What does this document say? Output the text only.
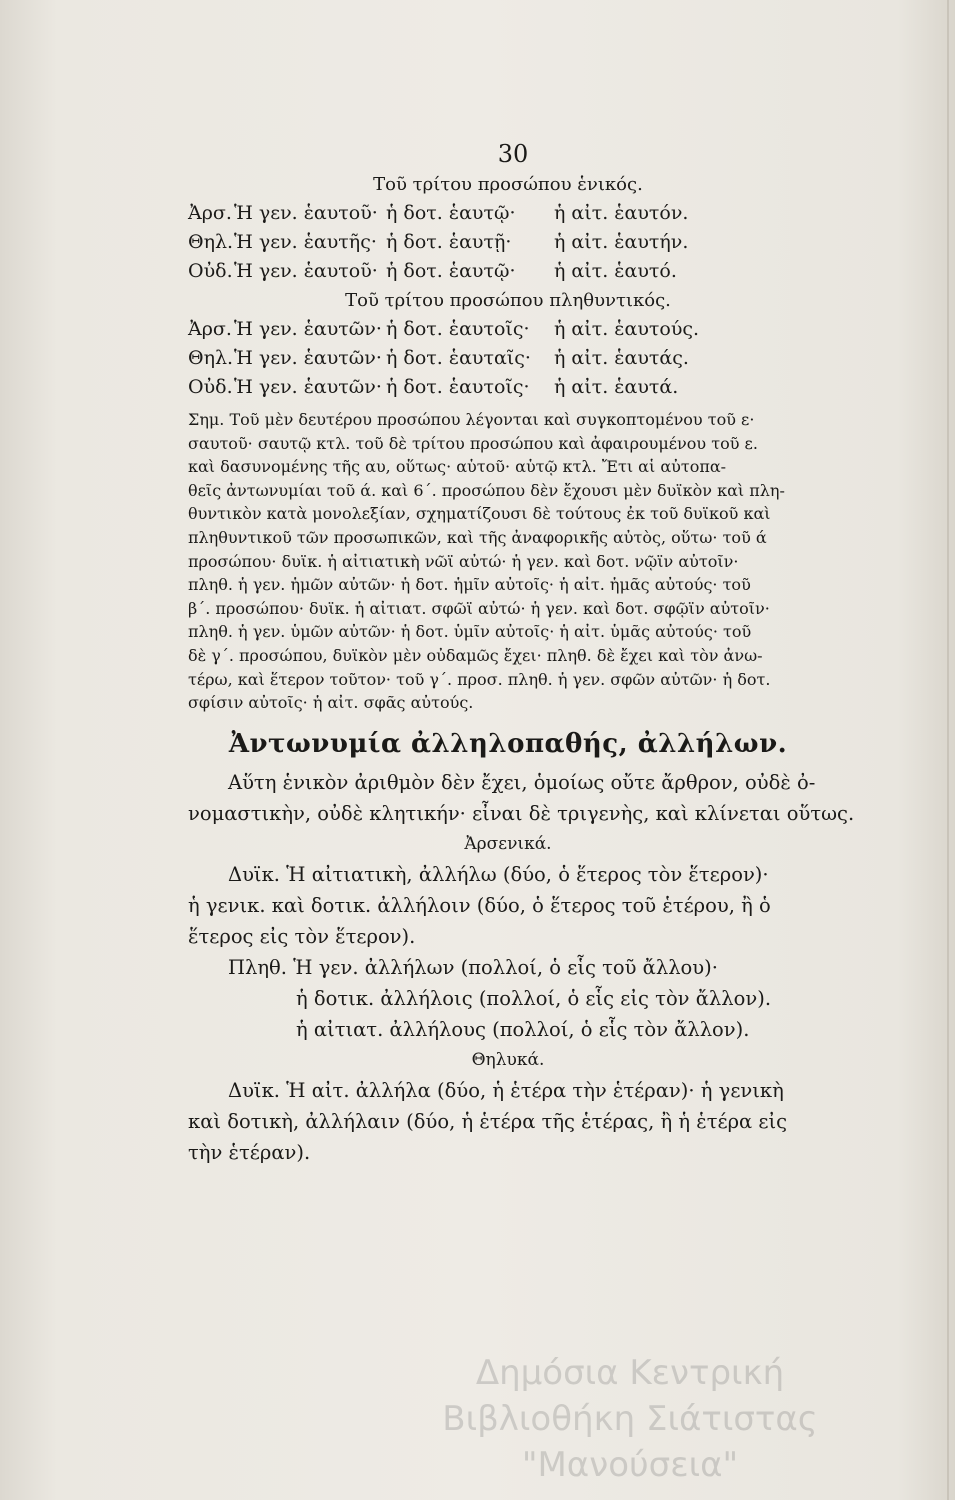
30
Τοῦ τρίτου προσώπου ἑνικός.
Ἀρσ. Ἡ γεν. ἑαυτοῦ· ἡ δοτ. ἑαυτῷ· ἡ αἰτ. ἑαυτόν.
Θηλ.Ἡ γεν. ἑαυτῆς· ἡ δοτ. ἑαυτῇ· ἡ αἰτ. ἑαυτήν.
Οὐδ.Ἡ γεν. ἑαυτοῦ· ἡ δοτ. ἑαυτῷ· ἡ αἰτ. ἑαυτό.
Τοῦ τρίτου προσώπου πληθυντικός.
Ἀρσ. Ἡ γεν. ἑαυτῶν· ἡ δοτ. ἑαυτοῖς· ἡ αἰτ. ἑαυτούς.
Θηλ.Ἡ γεν. ἑαυτῶν· ἡ δοτ. ἑαυταῖς· ἡ αἰτ. ἑαυτάς.
Οὐδ.Ἡ γεν. ἑαυτῶν· ἡ δοτ. ἑαυτοῖς· ἡ αἰτ. ἑαυτά.
Σημ. Τοῦ μὲν δευτέρου προσώπου λέγονται καὶ συγκοπτομένου τοῦ ε·
σαυτοῦ· σαυτῷ κτλ. τοῦ δὲ τρίτου προσώπου καὶ ἀφαιρουμένου τοῦ ε.
καὶ δασυνομένης τῆς αυ, οὕτως· αὑτοῦ· αὑτῷ κτλ. Ἔτι αἱ αὐτοπα-
θεῖς ἀντωνυμίαι τοῦ ά. καὶ 6΄. προσώπου δὲν ἔχουσι μὲν δυϊκὸν καὶ πλη-
θυντικὸν κατὰ μονολεξίαν, σχηματίζουσι δὲ τούτους ἐκ τοῦ δυϊκοῦ καὶ
πληθυντικοῦ τῶν προσωπικῶν, καὶ τῆς ἀναφορικῆς αὐτὸς, οὕτω· τοῦ ά
προσώπου· δυϊκ. ἡ αἰτιατικὴ νῶϊ αὐτώ· ἡ γεν. καὶ δοτ. νῷϊν αὐτοῖν·
πληθ. ἡ γεν. ἡμῶν αὐτῶν· ἡ δοτ. ἡμῖν αὐτοῖς· ἡ αἰτ. ἡμᾶς αὐτούς· τοῦ
β΄. προσώπου· δυϊκ. ἡ αἰτιατ. σφῶϊ αὐτώ· ἡ γεν. καὶ δοτ. σφῷϊν αὐτοῖν·
πληθ. ἡ γεν. ὑμῶν αὐτῶν· ἡ δοτ. ὑμῖν αὐτοῖς· ἡ αἰτ. ὑμᾶς αὐτούς· τοῦ
δὲ γ΄. προσώπου, δυϊκὸν μὲν οὐδαμῶς ἔχει· πληθ. δὲ ἔχει καὶ τὸν ἀνω-
τέρω, καὶ ἕτερον τοῦτον· τοῦ γ΄. προσ. πληθ. ἡ γεν. σφῶν αὐτῶν· ἡ δοτ.
σφίσιν αὐτοῖς· ἡ αἰτ. σφᾶς αὐτούς.
Ἀντωνυμία ἀλληλοπαθής, ἀλλήλων.
Αὕτη ἑνικὸν ἀριθμὸν δὲν ἔχει, ὁμοίως οὔτε ἄρθρον, οὐδὲ ὀ-
νομαστικὴν, οὐδὲ κλητικήν· εἶναι δὲ τριγενὴς, καὶ κλίνεται οὕτως.
Ἀρσενικά.
Δυϊκ. Ἡ αἰτιατικὴ, ἀλλήλω (δύο, ὁ ἕτερος τὸν ἕτερον)·
ἡ γενικ. καὶ δοτικ. ἀλλήλοιν (δύο, ὁ ἕτερος τοῦ ἑτέρου, ἢ ὁ
ἕτερος εἰς τὸν ἕτερον).
Πληθ. Ἡ γεν. ἀλλήλων (πολλοί, ὁ εἷς τοῦ ἄλλου)·
ἡ δοτικ. ἀλλήλοις (πολλοί, ὁ εἷς εἰς τὸν ἄλλον).
ἡ αἰτιατ. ἀλλήλους (πολλοί, ὁ εἷς τὸν ἄλλον).
Θηλυκά.
Δυϊκ. Ἡ αἰτ. ἀλλήλα (δύο, ἡ ἑτέρα τὴν ἑτέραν)· ἡ γενικὴ
καὶ δοτικὴ, ἀλλήλαιν (δύο, ἡ ἑτέρα τῆς ἑτέρας, ἢ ἡ ἑτέρα εἰς
τὴν ἑτέραν).
Δημόσια Κεντρική
Βιβλιοθήκη Σιάτιστας "Μανούσεια"
